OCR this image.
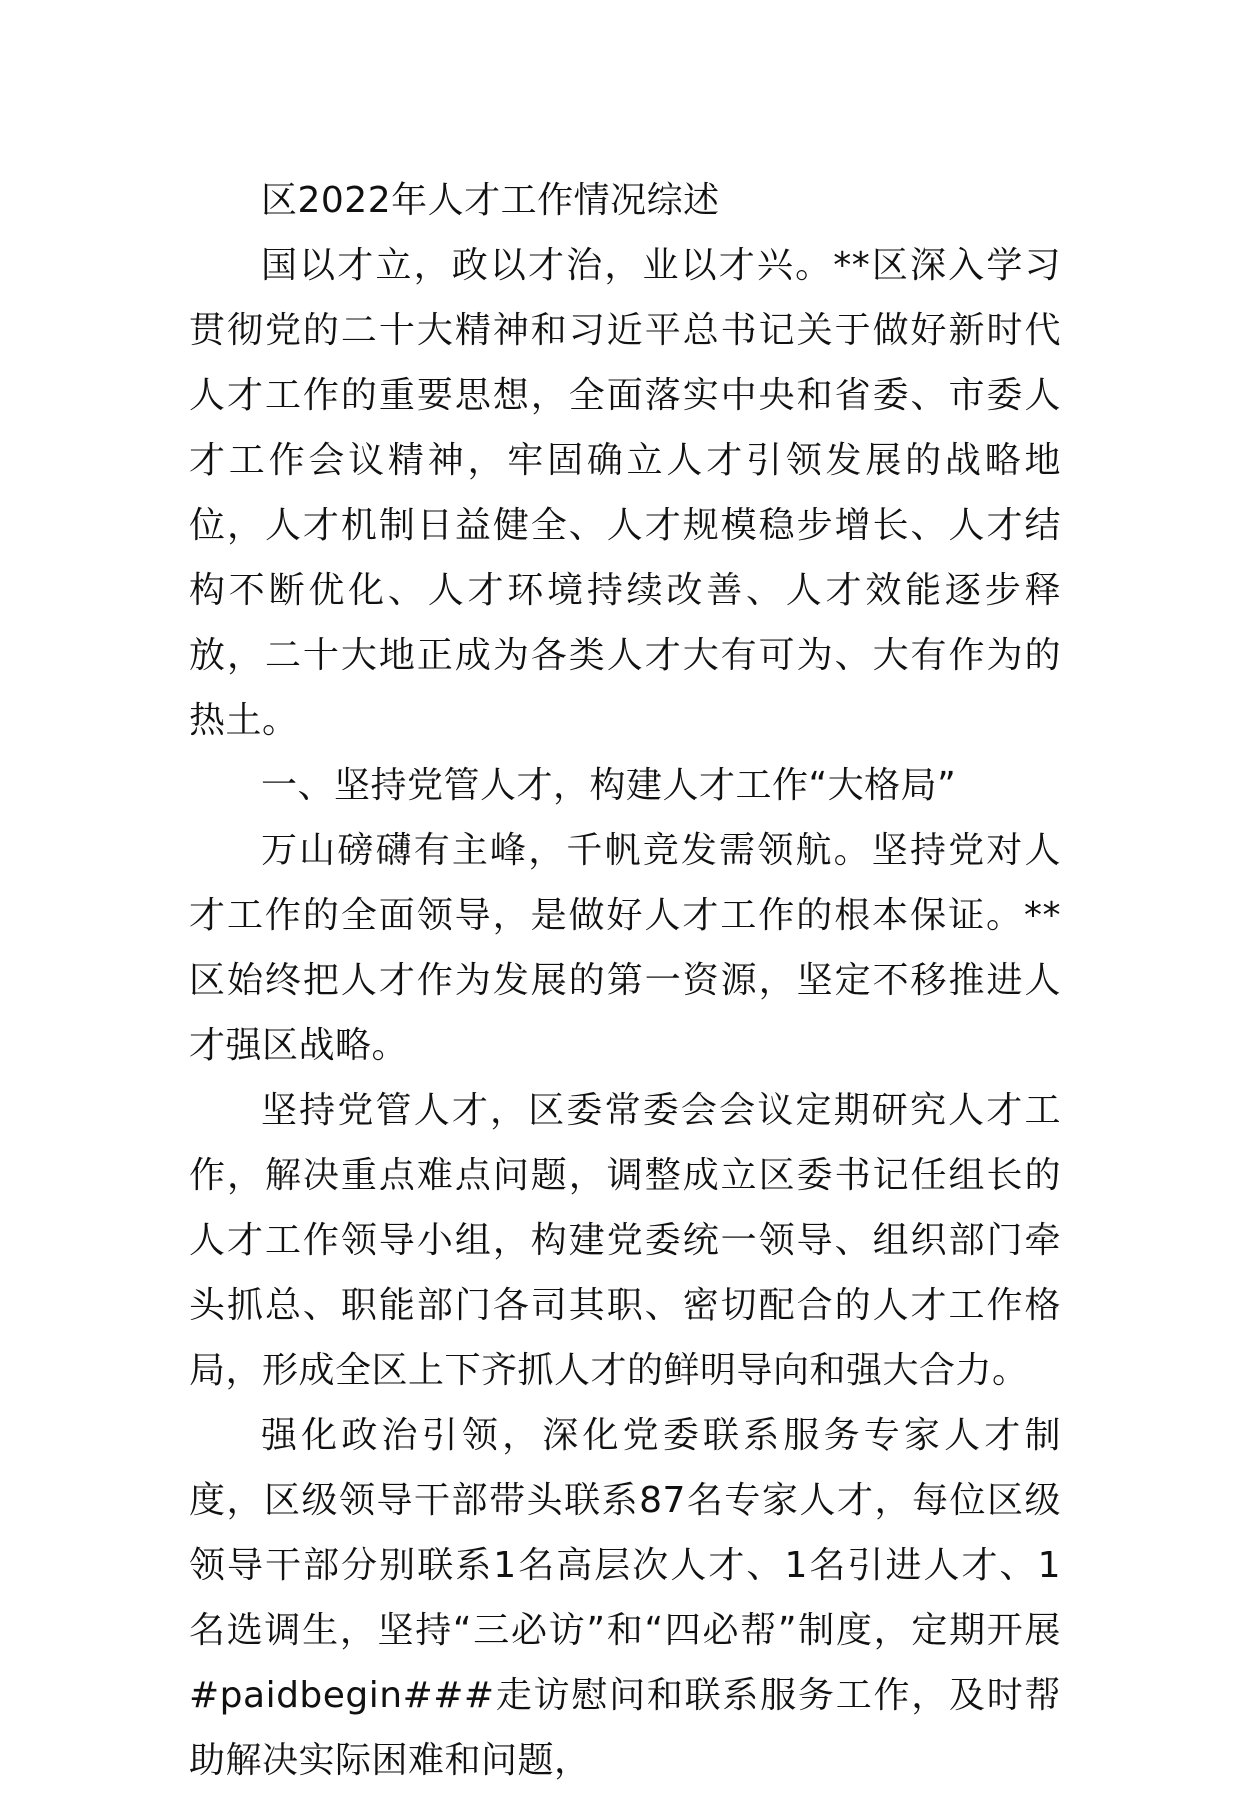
区2022年人才工作情况综述

国以才立，政以才治，业以才兴。**区深入学习贯彻党的二十大精神和习近平总书记关于做好新时代人才工作的重要思想，全面落实中央和省委、市委人才工作会议精神，牢固确立人才引领发展的战略地位，人才机制日益健全、人才规模稳步增长、人才结构不断优化、人才环境持续改善、人才效能逐步释放，二十大地正成为各类人才大有可为、大有作为的热土。

一、坚持党管人才，构建人才工作“大格局”

万山磅礴有主峰，千帆竞发需领航。坚持党对人才工作的全面领导，是做好人才工作的根本保证。**区始终把人才作为发展的第一资源，坚定不移推进人才强区战略。

坚持党管人才，区委常委会会议定期研究人才工作，解决重点难点问题，调整成立区委书记任组长的人才工作领导小组，构建党委统一领导、组织部门牵头抓总、职能部门各司其职、密切配合的人才工作格局，形成全区上下齐抓人才的鲜明导向和强大合力。

强化政治引领，深化党委联系服务专家人才制度，区级领导干部带头联系87名专家人才，每位区级领导干部分别联系1名高层次人才、1名引进人才、1名选调生，坚持“三必访”和“四必帮”制度，定期开展#paidbegin###走访慰问和联系服务工作，及时帮助解决实际困难和问题，
